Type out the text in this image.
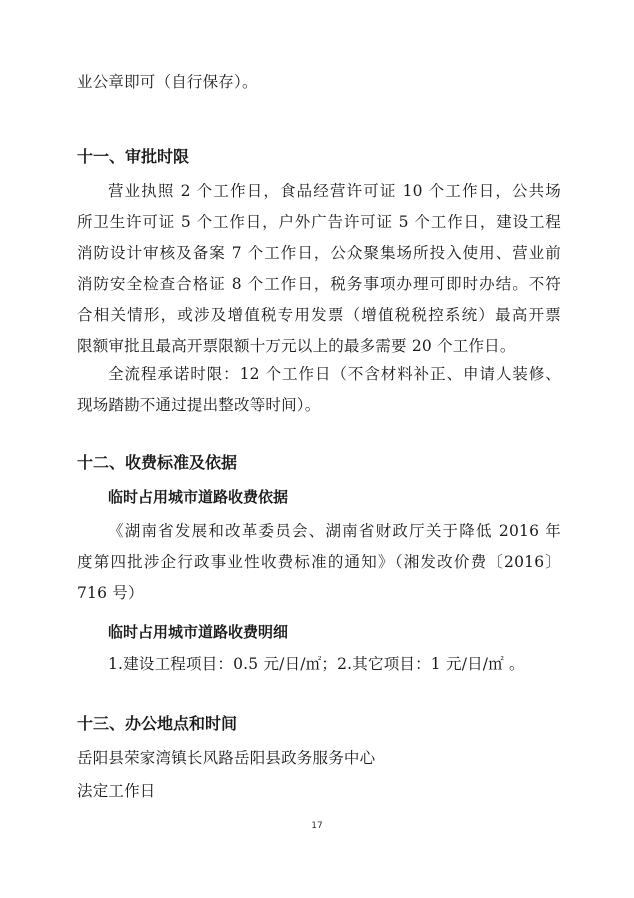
业公章即可（自行保存）。
十一、审批时限
营业执照 2 个工作日，食品经营许可证 10 个工作日，公共场
所卫生许可证 5 个工作日，户外广告许可证 5 个工作日，建设工程
消防设计审核及备案 7 个工作日，公众聚集场所投入使用、营业前
消防安全检查合格证 8 个工作日，税务事项办理可即时办结。不符
合相关情形，或涉及增值税专用发票（增值税税控系统）最高开票
限额审批且最高开票限额十万元以上的最多需要 20 个工作日。
全流程承诺时限：12 个工作日（不含材料补正、申请人装修、
现场踏勘不通过提出整改等时间）。
十二、收费标准及依据
临时占用城市道路收费依据
《湖南省发展和改革委员会、湖南省财政厅关于降低 2016 年
度第四批涉企行政事业性收费标准的通知》（湘发改价费〔2016〕
716 号）
临时占用城市道路收费明细
1.建设工程项目：0.5 元/日/㎡；2.其它项目：1 元/日/㎡ 。
十三、办公地点和时间
岳阳县荣家湾镇长风路岳阳县政务服务中心
法定工作日
17
